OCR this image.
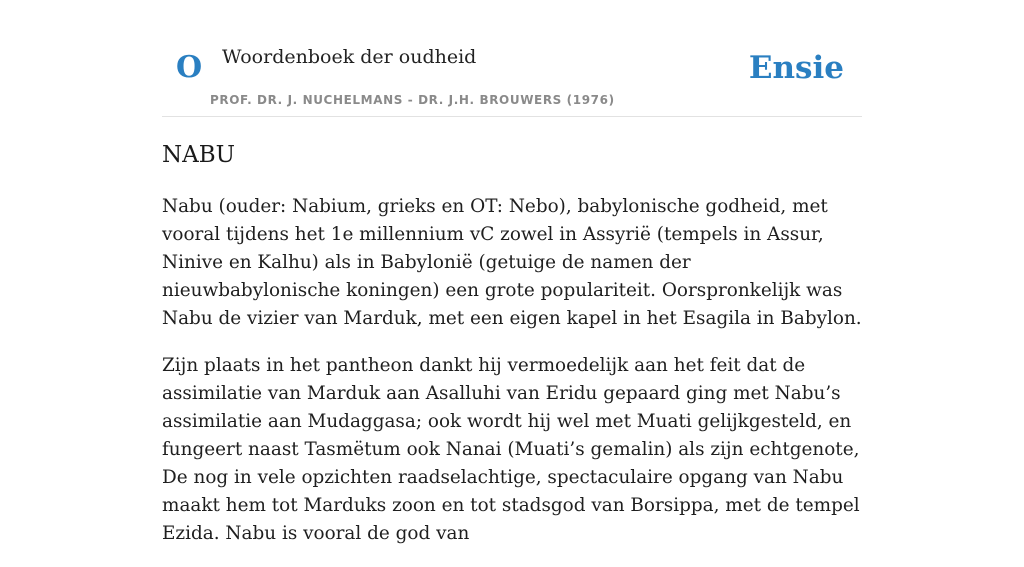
O Woordenboek der oudheid
PROF. DR. J. NUCHELMANS - DR. J.H. BROUWERS (1976)
Ensie
NABU

Nabu (ouder: Nabium, grieks en OT: Nebo), babylonische godheid, met vooral tijdens het 1e millennium vC zowel in Assyrië (tempels in Assur, Ninive en Kalhu) als in Babylonië (getuige de namen der nieuwbabylonische koningen) een grote populariteit. Oorspronkelijk was Nabu de vizier van Marduk, met een eigen kapel in het Esagila in Babylon.

Zijn plaats in het pantheon dankt hij vermoedelijk aan het feit dat de assimilatie van Marduk aan Asalluhi van Eridu gepaard ging met Nabu’s assimilatie aan Mudaggasa; ook wordt hij wel met Muati gelijkgesteld, en fungeert naast Tasmëtum ook Nanai (Muati’s gemalin) als zijn echtgenote, De nog in vele opzichten raadselachtige, spectaculaire opgang van Nabu maakt hem tot Marduks zoon en tot stadsgod van Borsippa, met de tempel Ezida. Nabu is vooral de god van
